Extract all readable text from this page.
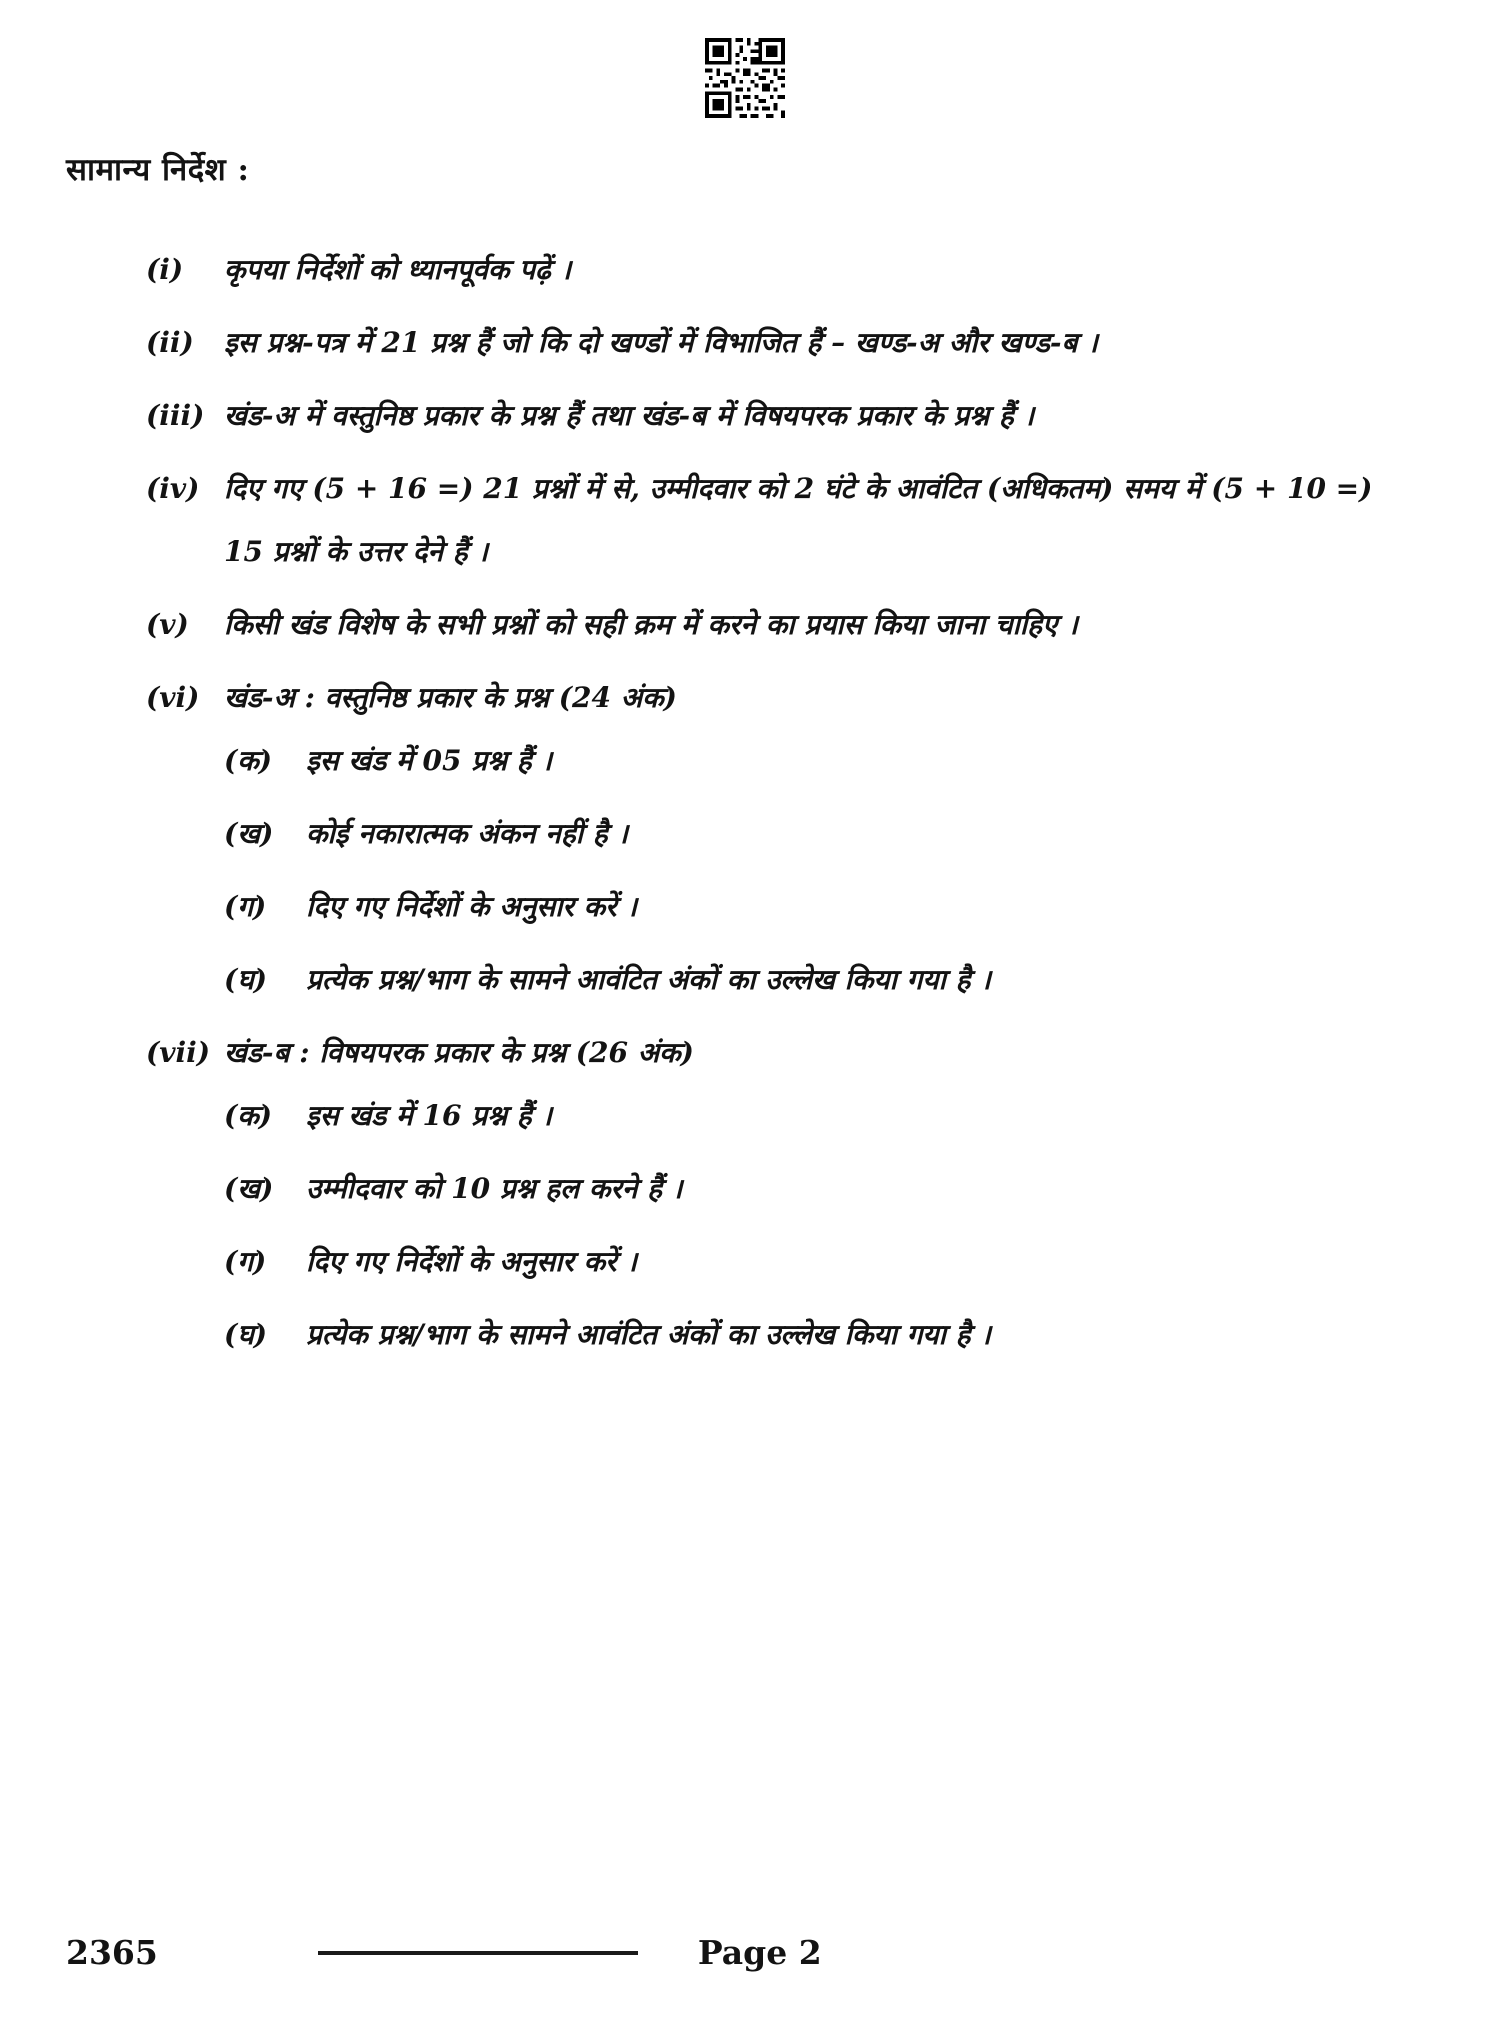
सामान्य निर्देश :
(i)	कृपया निर्देशों को ध्यानपूर्वक पढ़ें ।
(ii)	इस प्रश्न-पत्र में 21 प्रश्न हैं जो कि दो खण्डों में विभाजित हैं – खण्ड-अ और खण्ड-ब ।
(iii) खंड-अ में वस्तुनिष्ठ प्रकार के प्रश्न हैं तथा खंड-ब में विषयपरक प्रकार के प्रश्न हैं ।
(iv) दिए गए (5 + 16 =) 21 प्रश्नों में से, उम्मीदवार को 2 घंटे के आवंटित (अधिकतम) समय में (5 + 10 =) 15 प्रश्नों के उत्तर देने हैं ।
(v)	किसी खंड विशेष के सभी प्रश्नों को सही क्रम में करने का प्रयास किया जाना चाहिए ।
(vi) खंड-अ : वस्तुनिष्ठ प्रकार के प्रश्न (24 अंक)
(क)	इस खंड में 05 प्रश्न हैं ।
(ख)	कोई नकारात्मक अंकन नहीं है ।
(ग)	दिए गए निर्देशों के अनुसार करें ।
(घ)	प्रत्येक प्रश्न/भाग के सामने आवंटित अंकों का उल्लेख किया गया है ।
(vii) खंड-ब : विषयपरक प्रकार के प्रश्न (26 अंक)
(क)	इस खंड में 16 प्रश्न हैं ।
(ख)	उम्मीदवार को 10 प्रश्न हल करने हैं ।
(ग)	दिए गए निर्देशों के अनुसार करें ।
(घ)	प्रत्येक प्रश्न/भाग के सामने आवंटित अंकों का उल्लेख किया गया है ।
2365	Page 2
